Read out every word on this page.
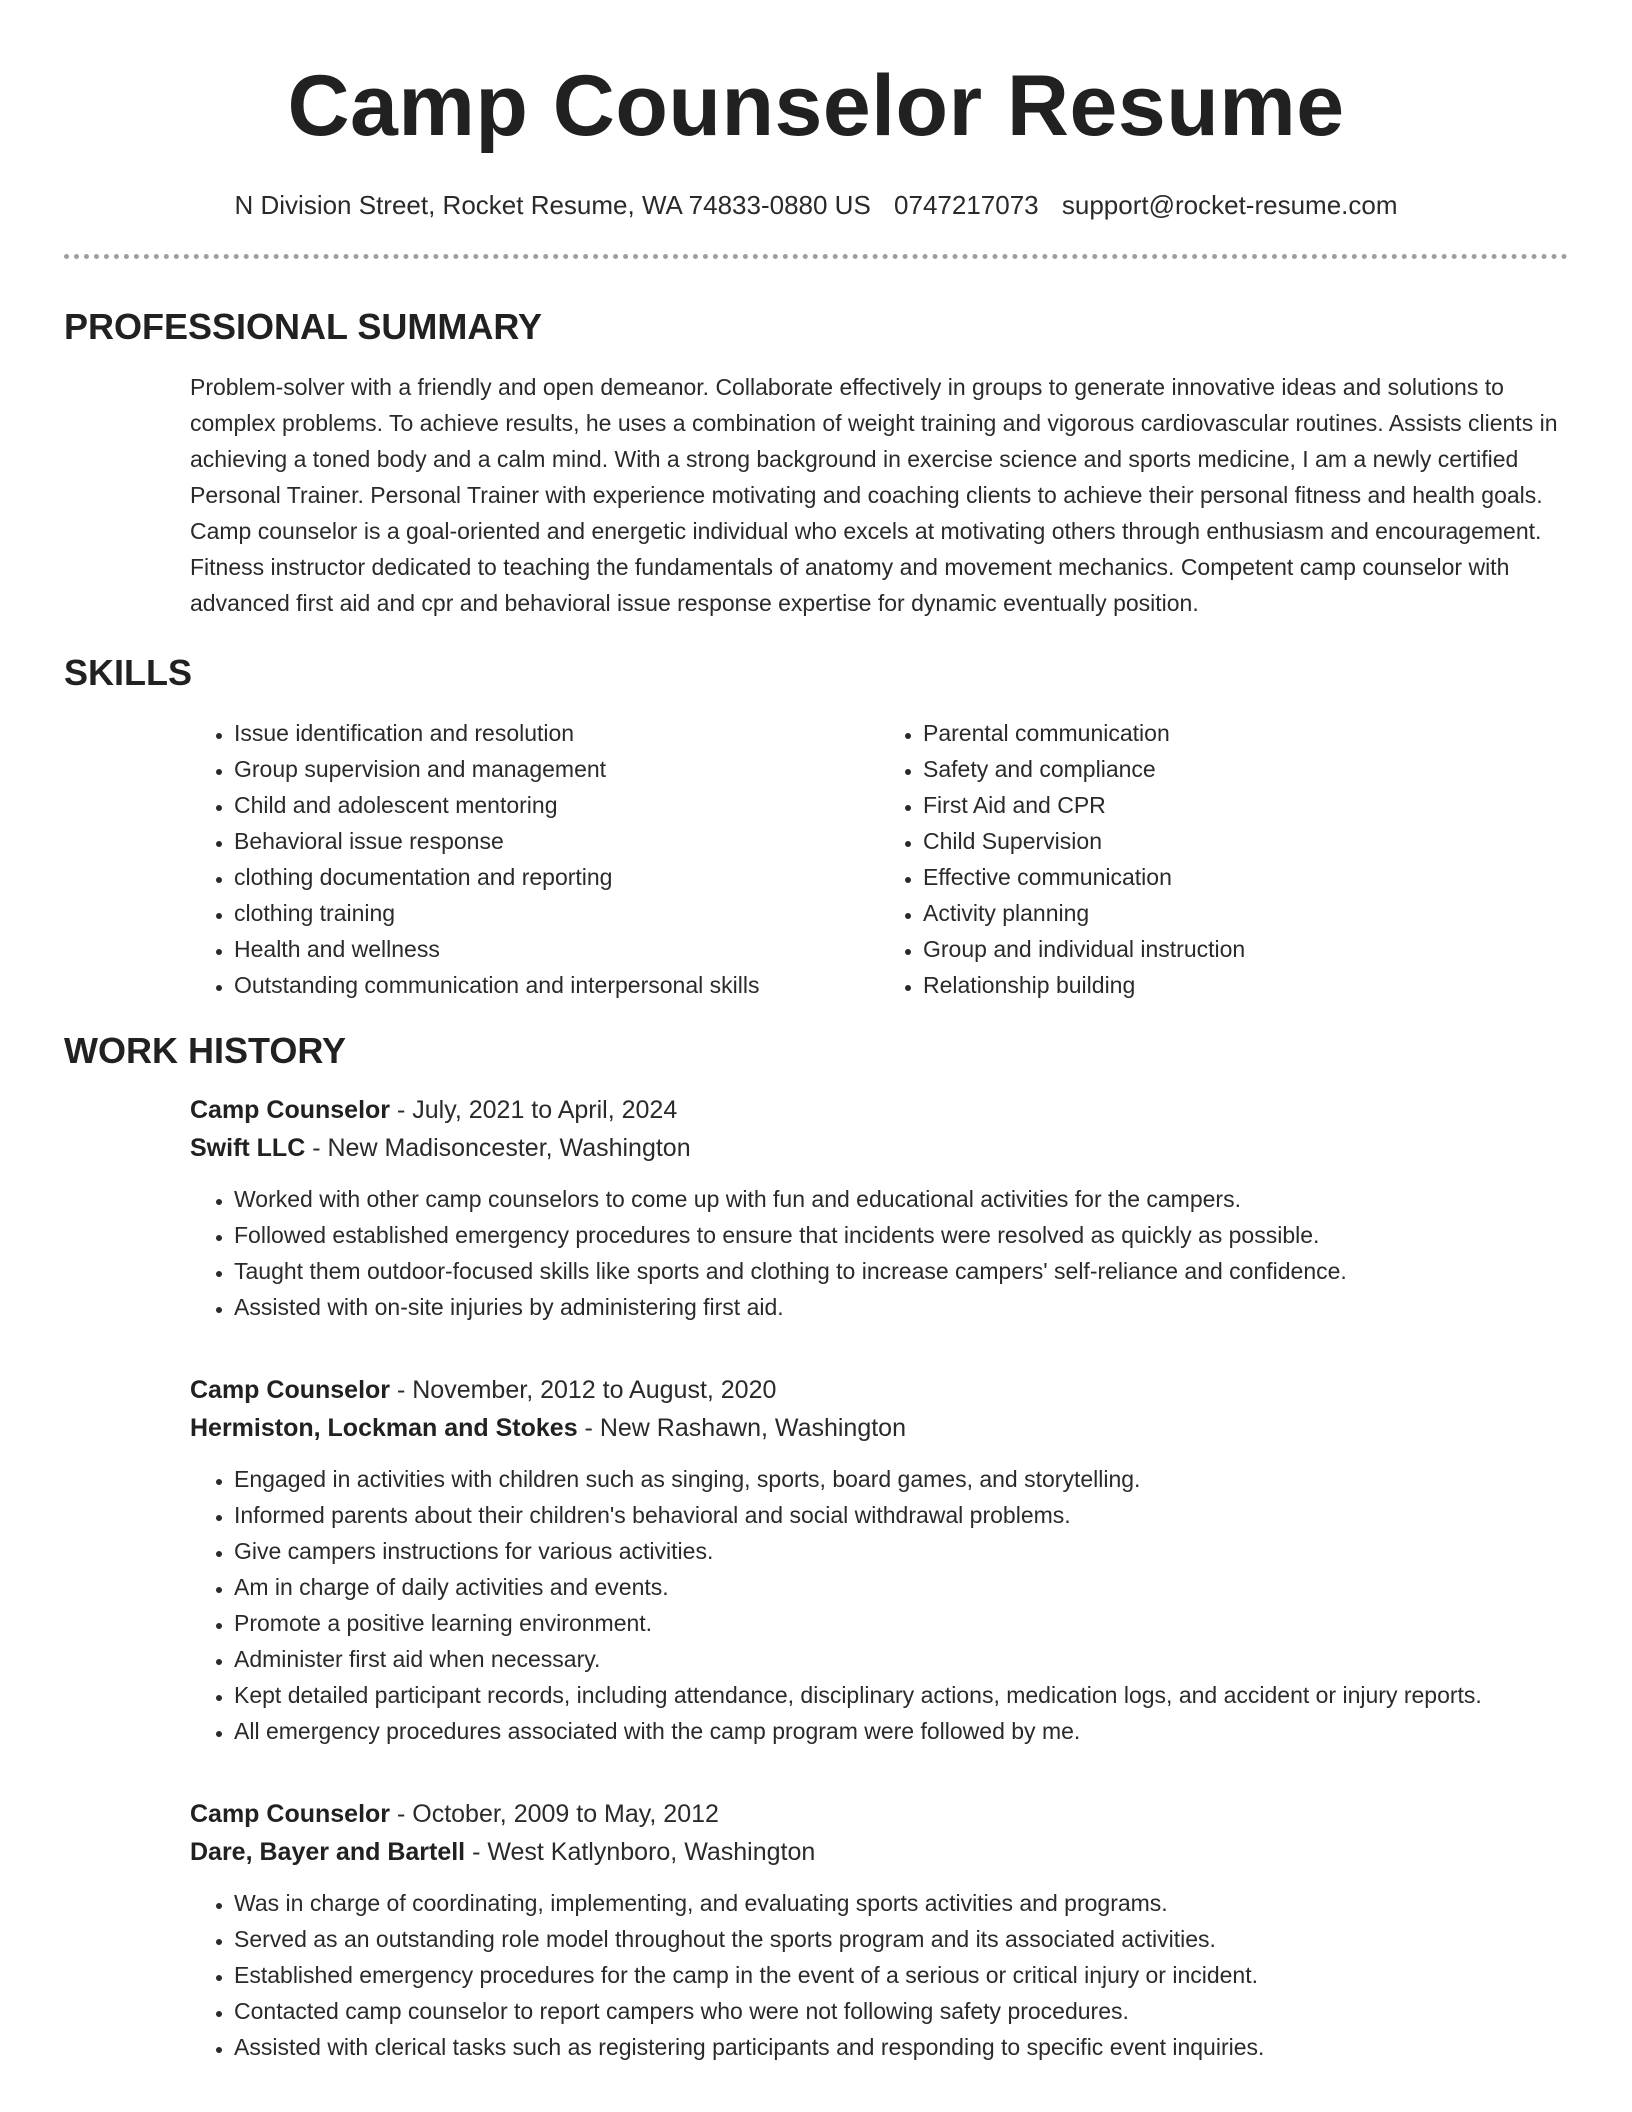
Camp Counselor Resume
N Division Street, Rocket Resume, WA 74833-0880 US 0747217073 support@rocket-resume.com
PROFESSIONAL SUMMARY

Problem-solver with a friendly and open demeanor. Collaborate effectively in groups to generate innovative ideas and solutions to complex problems. To achieve results, he uses a combination of weight training and vigorous cardiovascular routines. Assists clients in achieving a toned body and a calm mind. With a strong background in exercise science and sports medicine, I am a newly certified Personal Trainer. Personal Trainer with experience motivating and coaching clients to achieve their personal fitness and health goals. Camp counselor is a goal-oriented and energetic individual who excels at motivating others through enthusiasm and encouragement. Fitness instructor dedicated to teaching the fundamentals of anatomy and movement mechanics. Competent camp counselor with advanced first aid and cpr and behavioral issue response expertise for dynamic eventually position.

SKILLS
• Issue identification and resolution
• Group supervision and management
• Child and adolescent mentoring
• Behavioral issue response
• clothing documentation and reporting
• clothing training
• Health and wellness
• Outstanding communication and interpersonal skills
• Parental communication
• Safety and compliance
• First Aid and CPR
• Child Supervision
• Effective communication
• Activity planning
• Group and individual instruction
• Relationship building
WORK HISTORY
Camp Counselor - July, 2021 to April, 2024
Swift LLC - New Madisoncester, Washington
• Worked with other camp counselors to come up with fun and educational activities for the campers.
• Followed established emergency procedures to ensure that incidents were resolved as quickly as possible.
• Taught them outdoor-focused skills like sports and clothing to increase campers' self-reliance and confidence.
• Assisted with on-site injuries by administering first aid.
Camp Counselor - November, 2012 to August, 2020
Hermiston, Lockman and Stokes - New Rashawn, Washington
• Engaged in activities with children such as singing, sports, board games, and storytelling.
• Informed parents about their children's behavioral and social withdrawal problems.
• Give campers instructions for various activities.
• Am in charge of daily activities and events.
• Promote a positive learning environment.
• Administer first aid when necessary.
• Kept detailed participant records, including attendance, disciplinary actions, medication logs, and accident or injury reports.
• All emergency procedures associated with the camp program were followed by me.
Camp Counselor - October, 2009 to May, 2012
Dare, Bayer and Bartell - West Katlynboro, Washington
• Was in charge of coordinating, implementing, and evaluating sports activities and programs.
• Served as an outstanding role model throughout the sports program and its associated activities.
• Established emergency procedures for the camp in the event of a serious or critical injury or incident.
• Contacted camp counselor to report campers who were not following safety procedures.
• Assisted with clerical tasks such as registering participants and responding to specific event inquiries.
